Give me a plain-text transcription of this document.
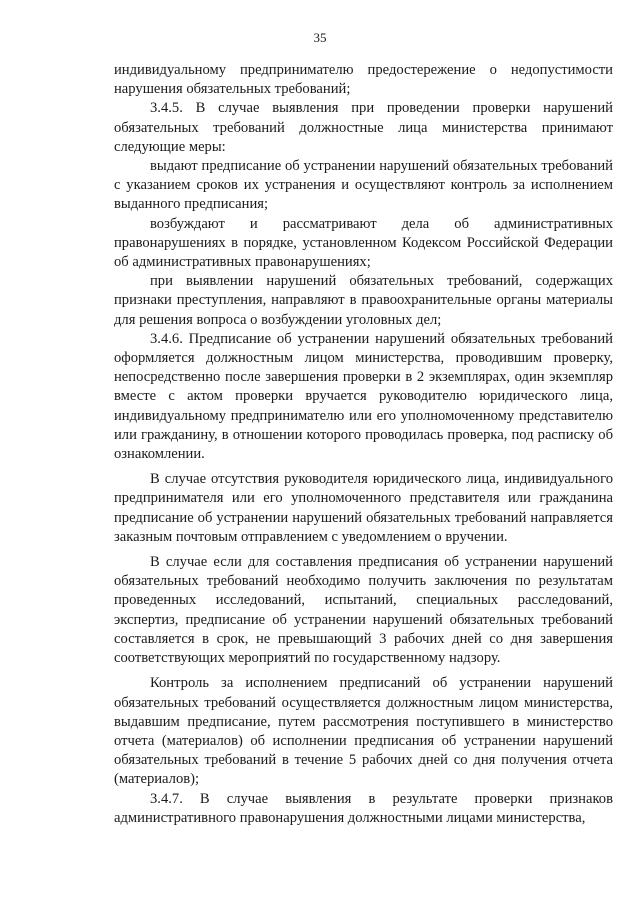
35

индивидуальному предпринимателю предостережение о недопустимости нарушения обязательных требований;

3.4.5. В случае выявления при проведении проверки нарушений обязательных требований должностные лица министерства принимают следующие меры:

выдают предписание об устранении нарушений обязательных требований с указанием сроков их устранения и осуществляют контроль за исполнением выданного предписания;

возбуждают и рассматривают дела об административных правонарушениях в порядке, установленном Кодексом Российской Федерации об административных правонарушениях;

при выявлении нарушений обязательных требований, содержащих признаки преступления, направляют в правоохранительные органы материалы для решения вопроса о возбуждении уголовных дел;

3.4.6. Предписание об устранении нарушений обязательных требований оформляется должностным лицом министерства, проводившим проверку, непосредственно после завершения проверки в 2 экземплярах, один экземпляр вместе с актом проверки вручается руководителю юридического лица, индивидуальному предпринимателю или его уполномоченному представителю или гражданину, в отношении которого проводилась проверка, под расписку об ознакомлении.

В случае отсутствия руководителя юридического лица, индивидуального предпринимателя или его уполномоченного представителя или гражданина предписание об устранении нарушений обязательных требований направляется заказным почтовым отправлением с уведомлением о вручении.

В случае если для составления предписания об устранении нарушений обязательных требований необходимо получить заключения по результатам проведенных исследований, испытаний, специальных расследований, экспертиз, предписание об устранении нарушений обязательных требований составляется в срок, не превышающий 3 рабочих дней со дня завершения соответствующих мероприятий по государственному надзору.

Контроль за исполнением предписаний об устранении нарушений обязательных требований осуществляется должностным лицом министерства, выдавшим предписание, путем рассмотрения поступившего в министерство отчета (материалов) об исполнении предписания об устранении нарушений обязательных требований в течение 5 рабочих дней со дня получения отчета (материалов);

3.4.7. В случае выявления в результате проверки признаков административного правонарушения должностными лицами министерства,
